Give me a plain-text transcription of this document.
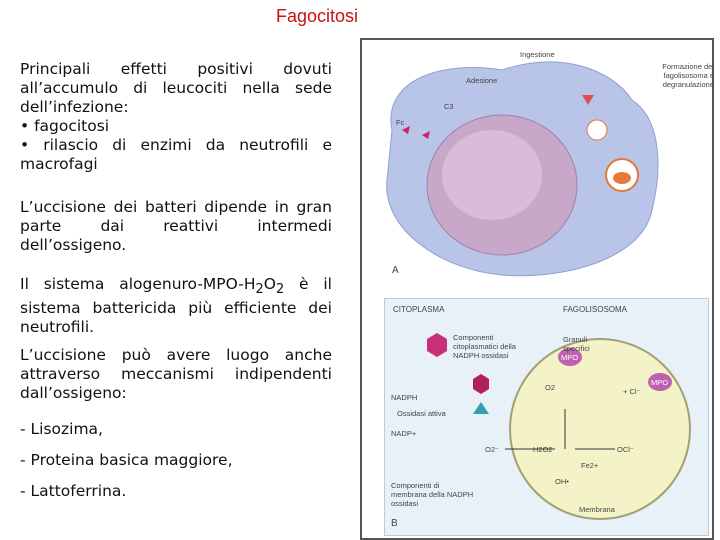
Fagocitosi

Principali effetti positivi dovuti all’accumulo di leucociti nella sede dell’infezione:

• fagocitosi

• rilascio di enzimi da neutrofili e macrofagi

L’uccisione dei batteri dipende in gran parte dai reattivi intermedi dell’ossigeno.
Il sistema alogenuro-$MPO-H_2O_2$ è il sistema battericida più efficiente dei neutrofili.
L’uccisione può avere luogo anche attraverso meccanismi indipendenti dall’ossigeno:
- Lisozima,
- Proteina basica maggiore,
- Lattoferrina.
Ingestione
Adesione
C3
Fc
Formazione del fagolisosoma e degranulazione
A
CITOPLASMA	FAGOLISOSOMA
Componenti citoplasmatici della NADPH ossidasi
Granuli specifici
MPO
MPO
O2	+ Cl⁻
NADPH
Ossidasi attiva
NADP+
O2⁻	H2O2	OCl⁻
Fe2+
OH•
Componenti di membrana della NADPH ossidasi
Membrana
B
